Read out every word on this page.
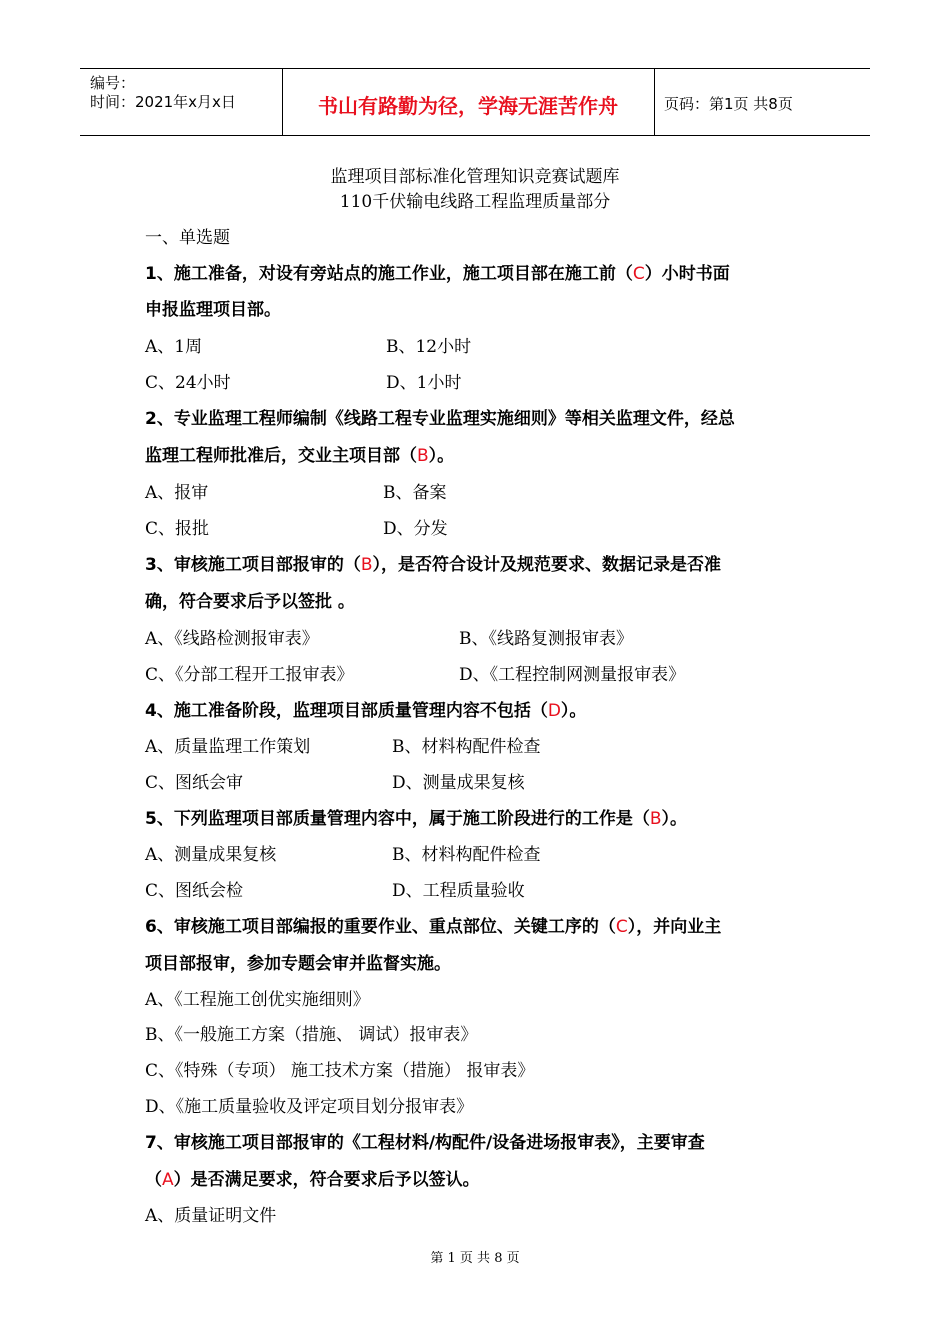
编号：
时间：2021年x月x日	书山有路勤为径，学海无涯苦作舟	页码：第1页 共8页
监理项目部标准化管理知识竞赛试题库
110千伏输电线路工程监理质量部分
一、单选题
1、施工准备，对设有旁站点的施工作业，施工项目部在施工前（C）小时书面
申报监理项目部。
A、1周	B、12小时
C、24小时	D、1小时
2、专业监理工程师编制《线路工程专业监理实施细则》等相关监理文件，经总
监理工程师批准后，交业主项目部（B）。
A、报审	B、备案
C、报批	D、分发
3、审核施工项目部报审的（B），是否符合设计及规范要求、数据记录是否准
确，符合要求后予以签批 。
A、《线路检测报审表》	B、《线路复测报审表》
C、《分部工程开工报审表》	D、《工程控制网测量报审表》
4、施工准备阶段，监理项目部质量管理内容不包括（D）。
A、质量监理工作策划	B、材料构配件检查
C、图纸会审	D、测量成果复核
5、下列监理项目部质量管理内容中，属于施工阶段进行的工作是（B）。
A、测量成果复核	B、材料构配件检查
C、图纸会检	D、工程质量验收
6、审核施工项目部编报的重要作业、重点部位、关键工序的（C），并向业主
项目部报审，参加专题会审并监督实施。
A、《工程施工创优实施细则》
B、《一般施工方案（措施、 调试）报审表》
C、《特殊（专项） 施工技术方案（措施） 报审表》
D、《施工质量验收及评定项目划分报审表》
7、审核施工项目部报审的《工程材料/构配件/设备进场报审表》，主要审查
（A）是否满足要求，符合要求后予以签认。
A、质量证明文件
第 1 页 共 8 页
